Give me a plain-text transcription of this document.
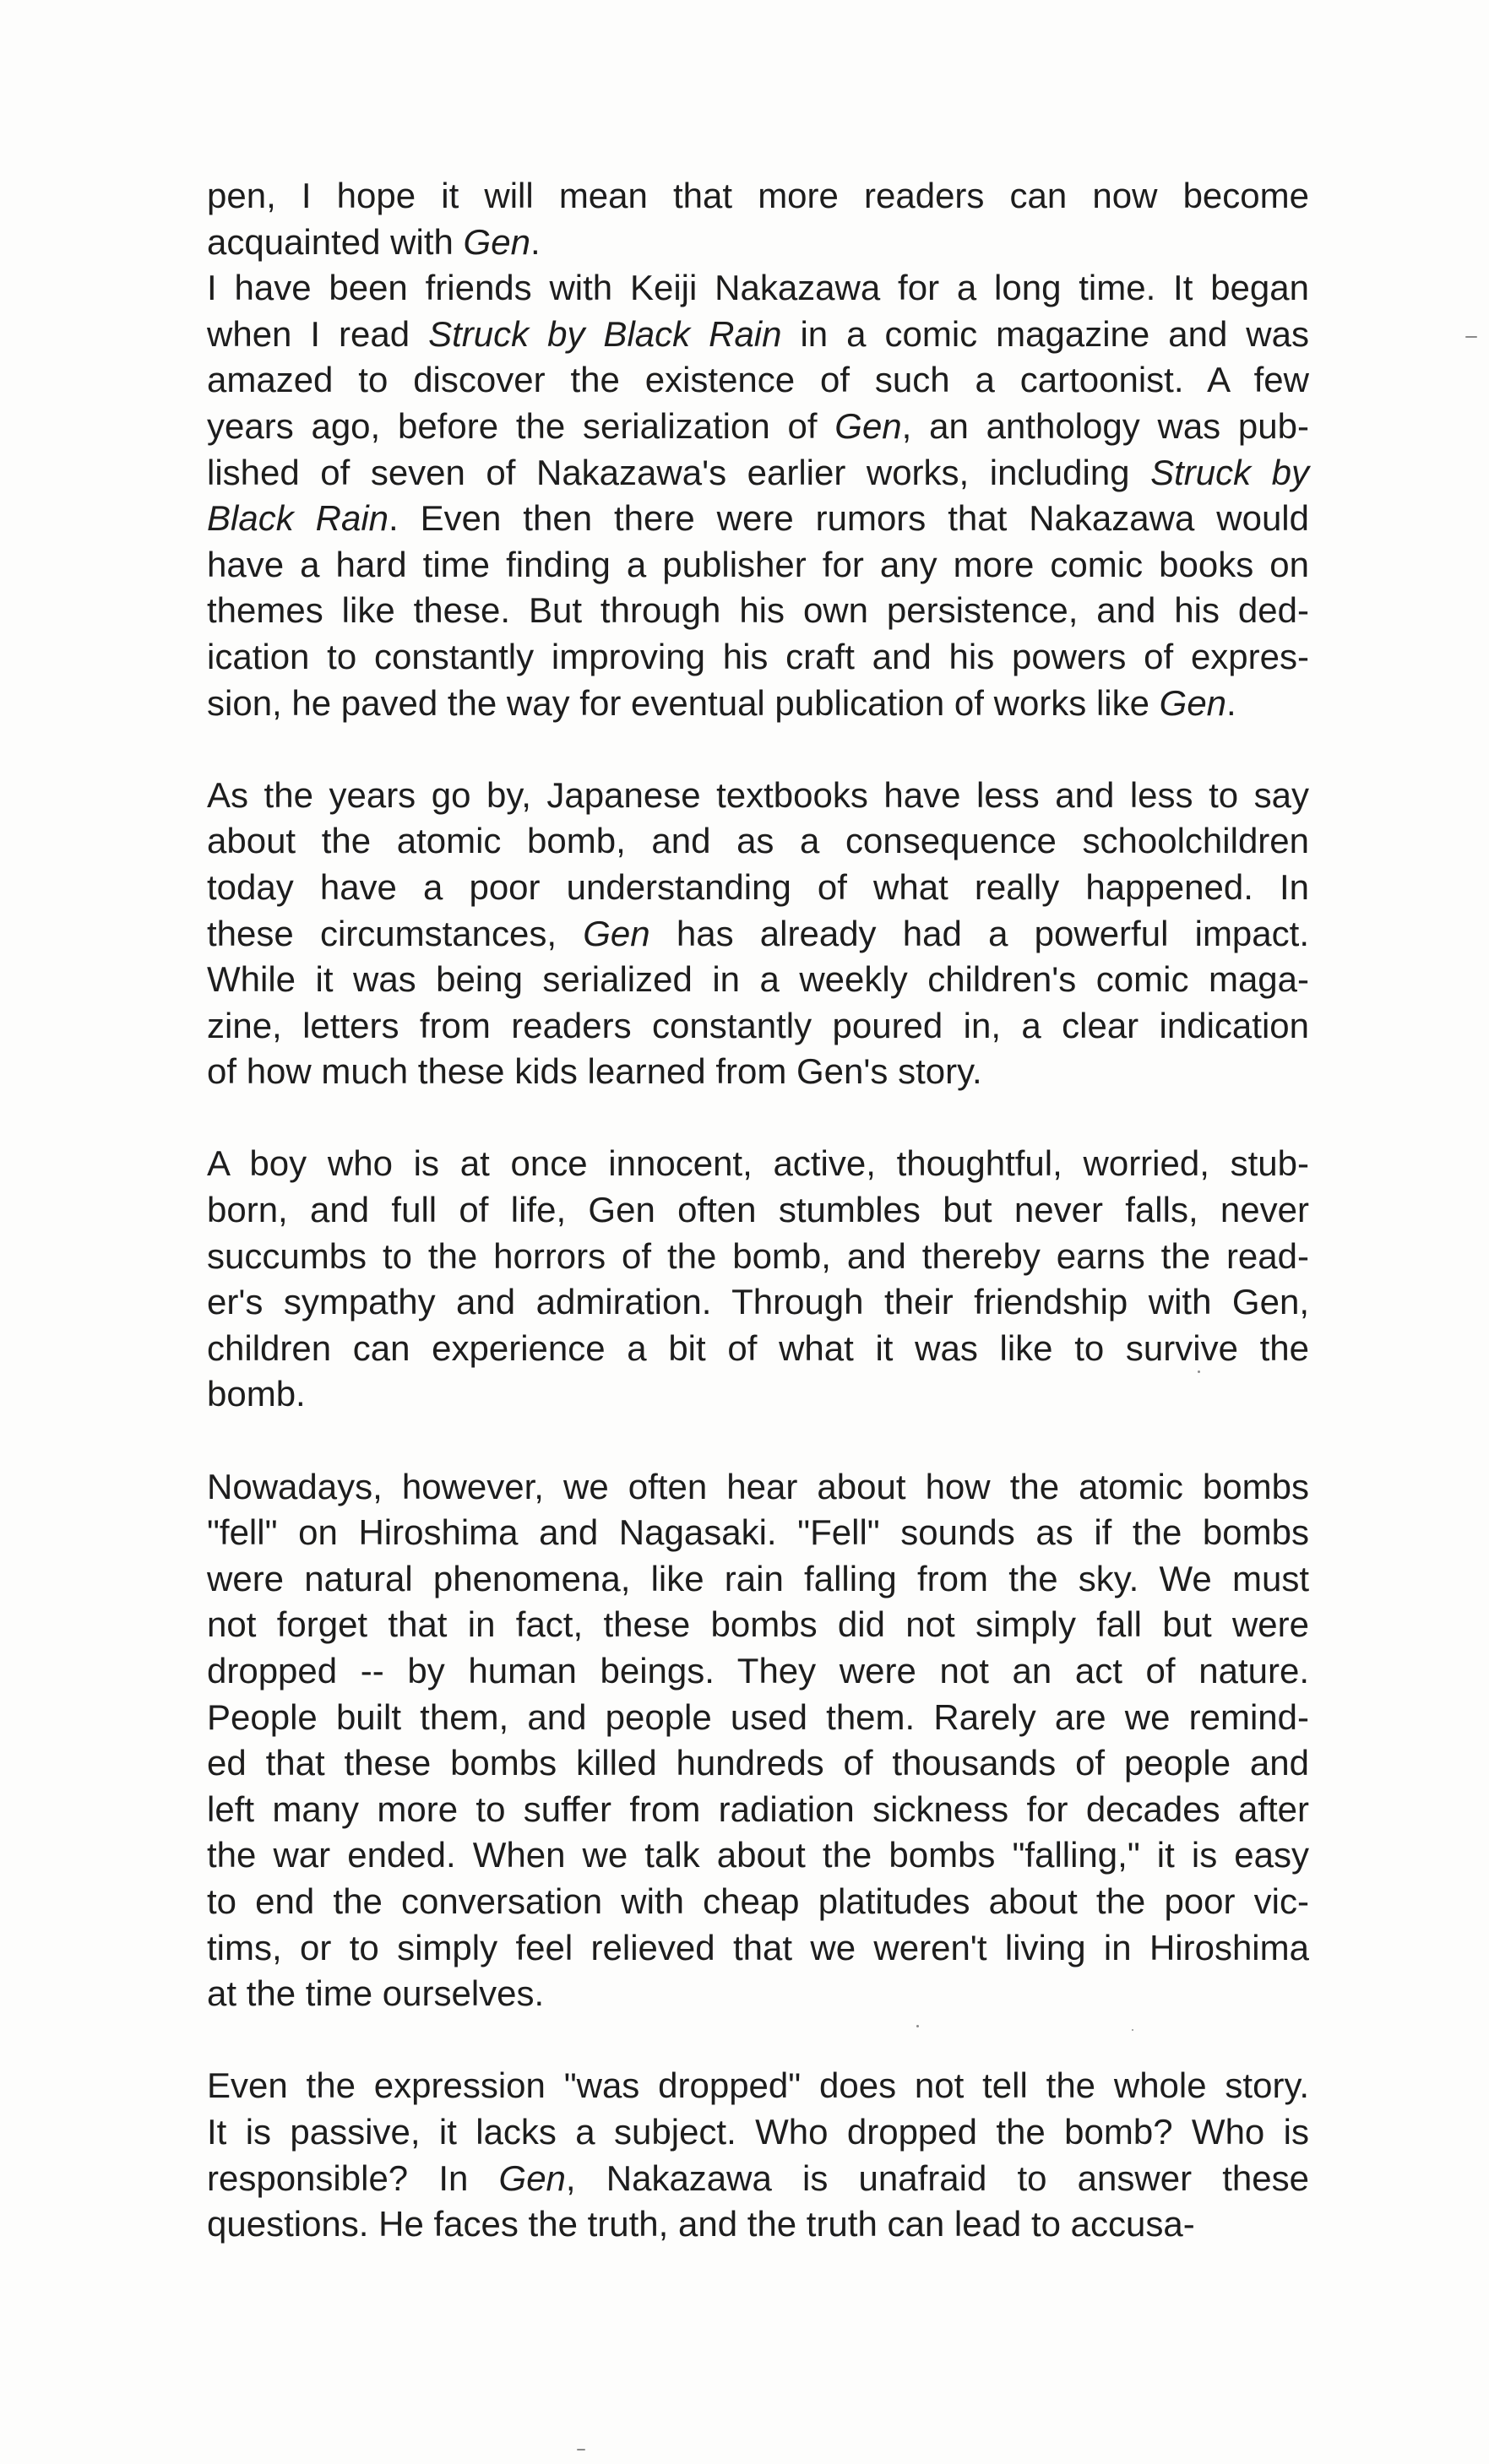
pen, I hope it will mean that more readers can now become
acquainted with Gen.
I have been friends with Keiji Nakazawa for a long time. It began
when I read Struck by Black Rain in a comic magazine and was
amazed to discover the existence of such a cartoonist. A few
years ago, before the serialization of Gen, an anthology was pub-
lished of seven of Nakazawa's earlier works, including Struck by
Black Rain. Even then there were rumors that Nakazawa would
have a hard time finding a publisher for any more comic books on
themes like these. But through his own persistence, and his ded-
ication to constantly improving his craft and his powers of expres-
sion, he paved the way for eventual publication of works like Gen.
As the years go by, Japanese textbooks have less and less to say
about the atomic bomb, and as a consequence schoolchildren
today have a poor understanding of what really happened. In
these circumstances, Gen has already had a powerful impact.
While it was being serialized in a weekly children's comic maga-
zine, letters from readers constantly poured in, a clear indication
of how much these kids learned from Gen's story.
A boy who is at once innocent, active, thoughtful, worried, stub-
born, and full of life, Gen often stumbles but never falls, never
succumbs to the horrors of the bomb, and thereby earns the read-
er's sympathy and admiration. Through their friendship with Gen,
children can experience a bit of what it was like to survive the
bomb.
Nowadays, however, we often hear about how the atomic bombs
"fell" on Hiroshima and Nagasaki. "Fell" sounds as if the bombs
were natural phenomena, like rain falling from the sky. We must
not forget that in fact, these bombs did not simply fall but were
dropped -- by human beings. They were not an act of nature.
People built them, and people used them. Rarely are we remind-
ed that these bombs killed hundreds of thousands of people and
left many more to suffer from radiation sickness for decades after
the war ended. When we talk about the bombs "falling," it is easy
to end the conversation with cheap platitudes about the poor vic-
tims, or to simply feel relieved that we weren't living in Hiroshima
at the time ourselves.
Even the expression "was dropped" does not tell the whole story.
It is passive, it lacks a subject. Who dropped the bomb? Who is
responsible? In Gen, Nakazawa is unafraid to answer these
questions. He faces the truth, and the truth can lead to accusa-
